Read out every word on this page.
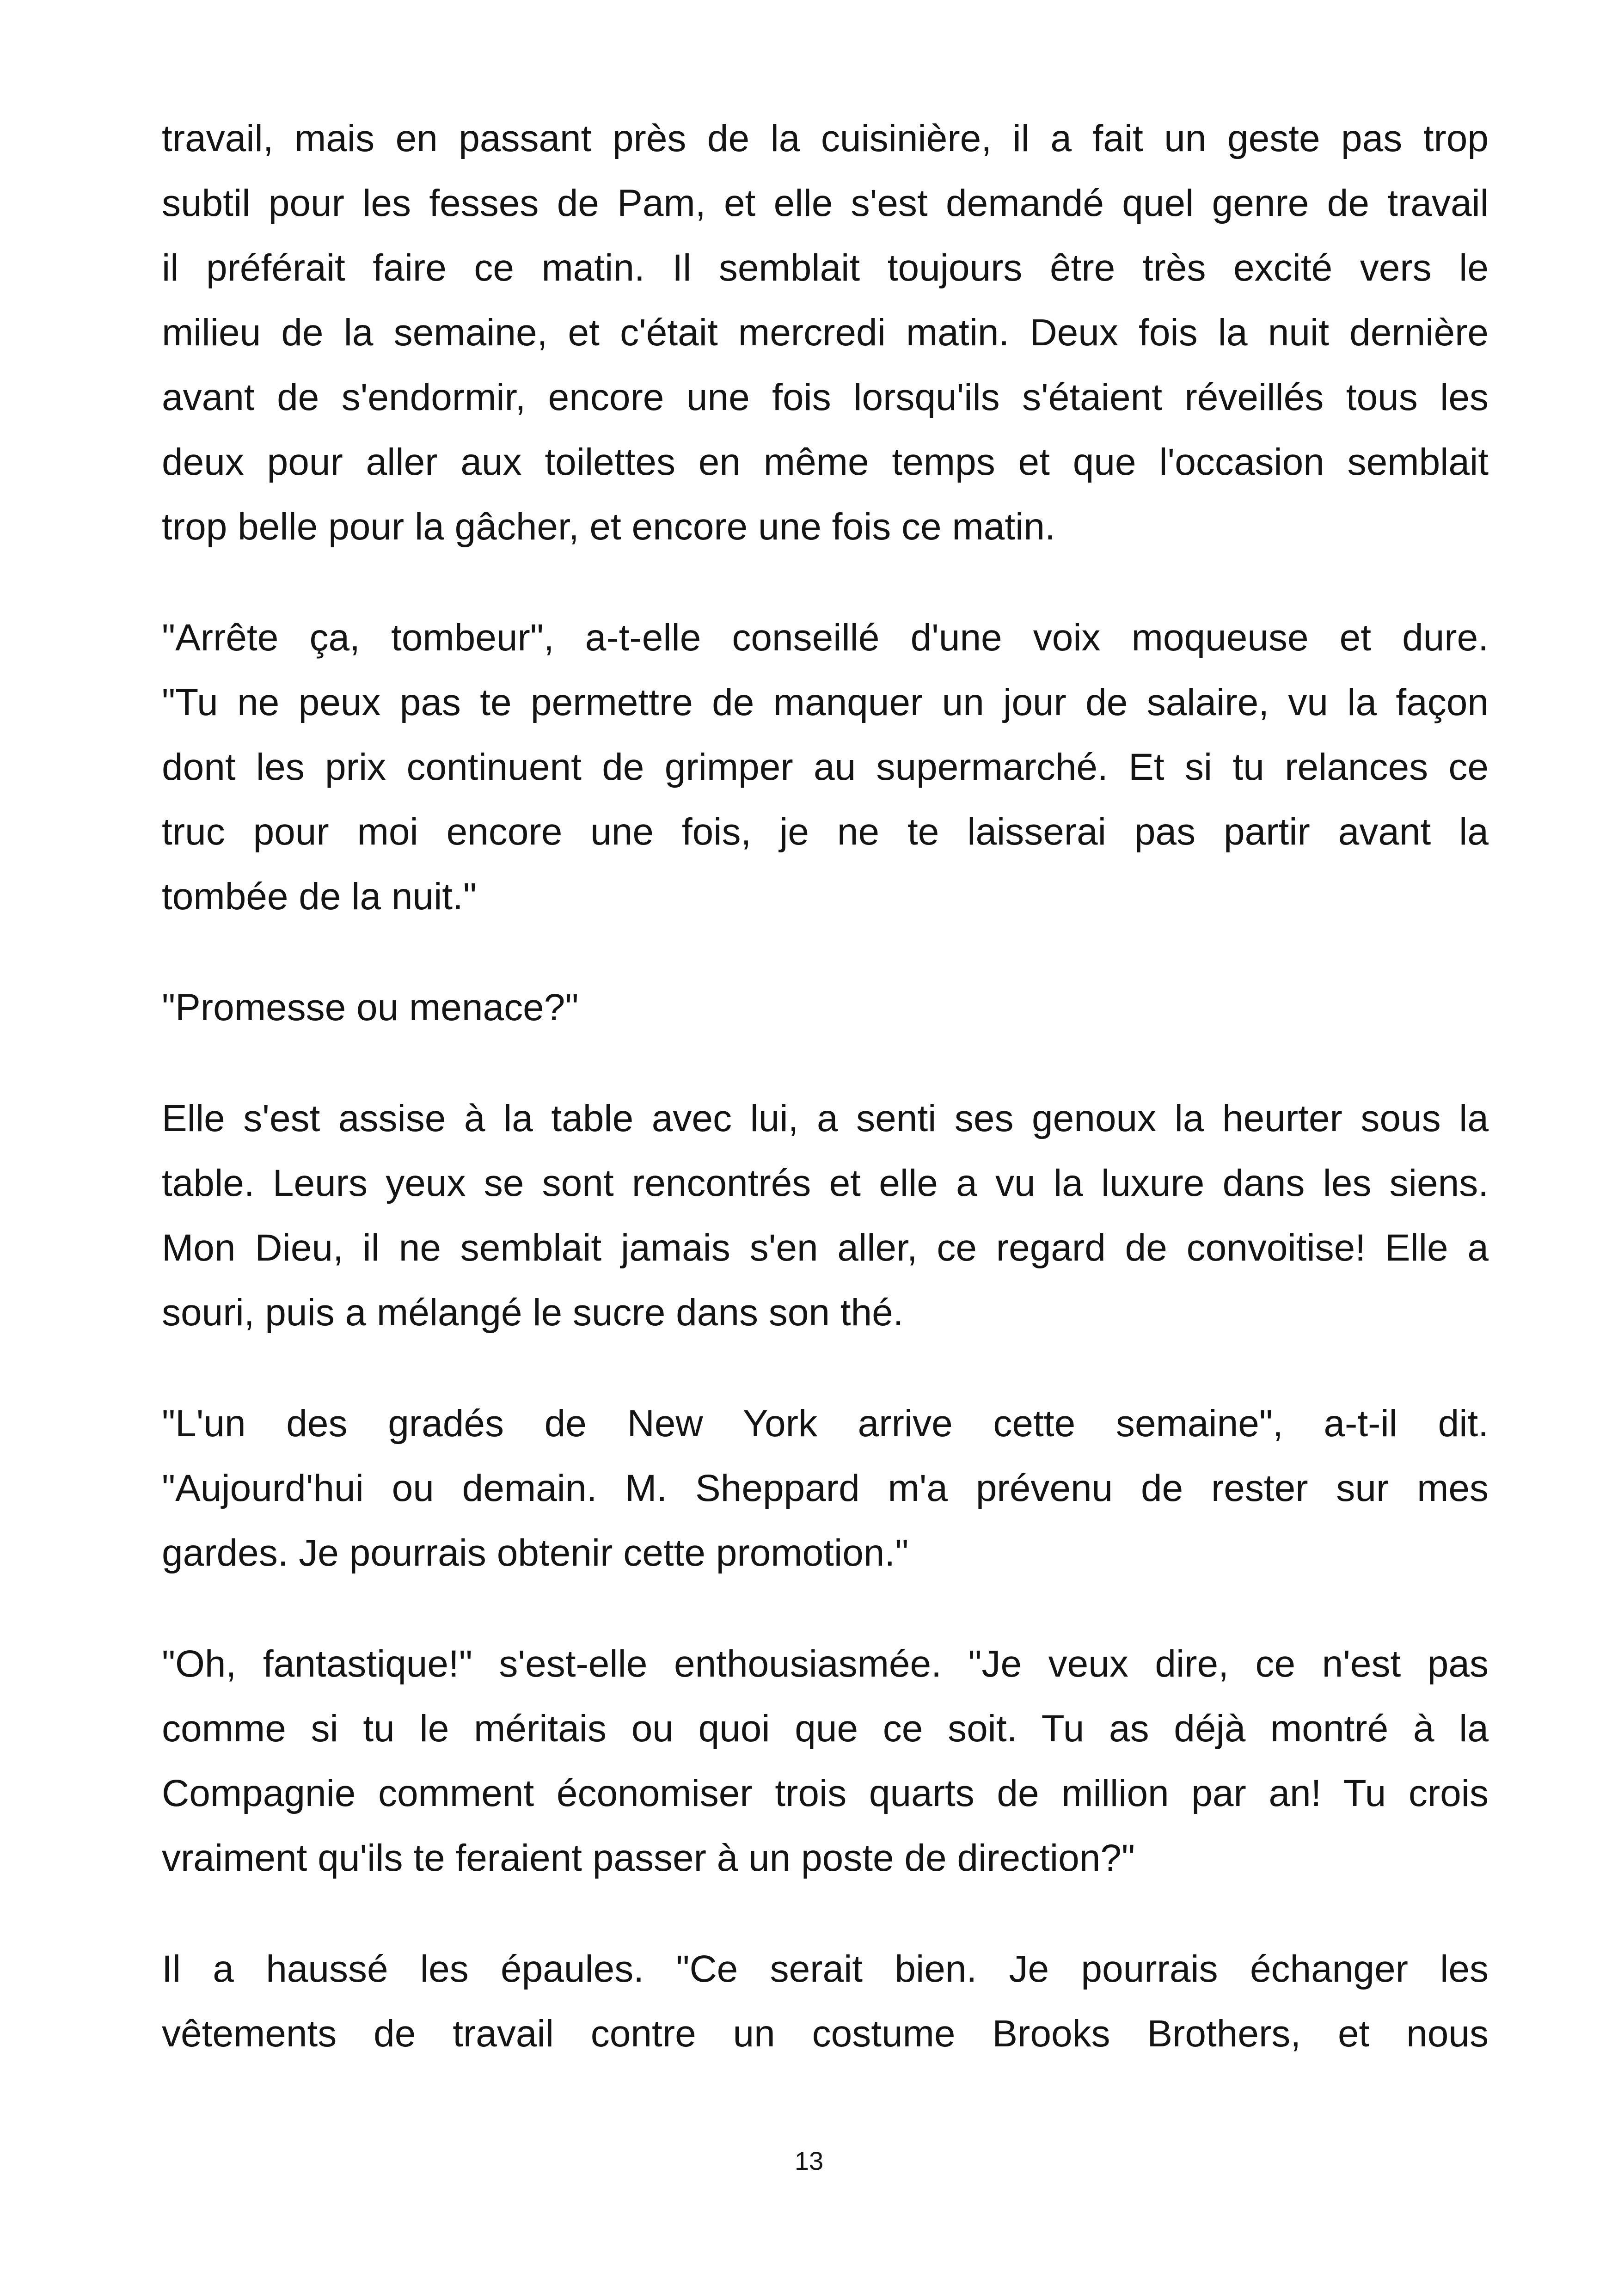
travail, mais en passant près de la cuisinière, il a fait un geste pas trop
subtil pour les fesses de Pam, et elle s'est demandé quel genre de travail
il préférait faire ce matin. Il semblait toujours être très excité vers le
milieu de la semaine, et c'était mercredi matin. Deux fois la nuit dernière
avant de s'endormir, encore une fois lorsqu'ils s'étaient réveillés tous les
deux pour aller aux toilettes en même temps et que l'occasion semblait
trop belle pour la gâcher, et encore une fois ce matin.
"Arrête ça, tombeur", a-t-elle conseillé d'une voix moqueuse et dure.
"Tu ne peux pas te permettre de manquer un jour de salaire, vu la façon
dont les prix continuent de grimper au supermarché. Et si tu relances ce
truc pour moi encore une fois, je ne te laisserai pas partir avant la
tombée de la nuit."
"Promesse ou menace?"
Elle s'est assise à la table avec lui, a senti ses genoux la heurter sous la
table. Leurs yeux se sont rencontrés et elle a vu la luxure dans les siens.
Mon Dieu, il ne semblait jamais s'en aller, ce regard de convoitise! Elle a
souri, puis a mélangé le sucre dans son thé.
"L'un des gradés de New York arrive cette semaine", a-t-il dit.
"Aujourd'hui ou demain. M. Sheppard m'a prévenu de rester sur mes
gardes. Je pourrais obtenir cette promotion."
"Oh, fantastique!" s'est-elle enthousiasmée. "Je veux dire, ce n'est pas
comme si tu le méritais ou quoi que ce soit. Tu as déjà montré à la
Compagnie comment économiser trois quarts de million par an! Tu crois
vraiment qu'ils te feraient passer à un poste de direction?"
Il a haussé les épaules. "Ce serait bien. Je pourrais échanger les
vêtements de travail contre un costume Brooks Brothers, et nous
13
